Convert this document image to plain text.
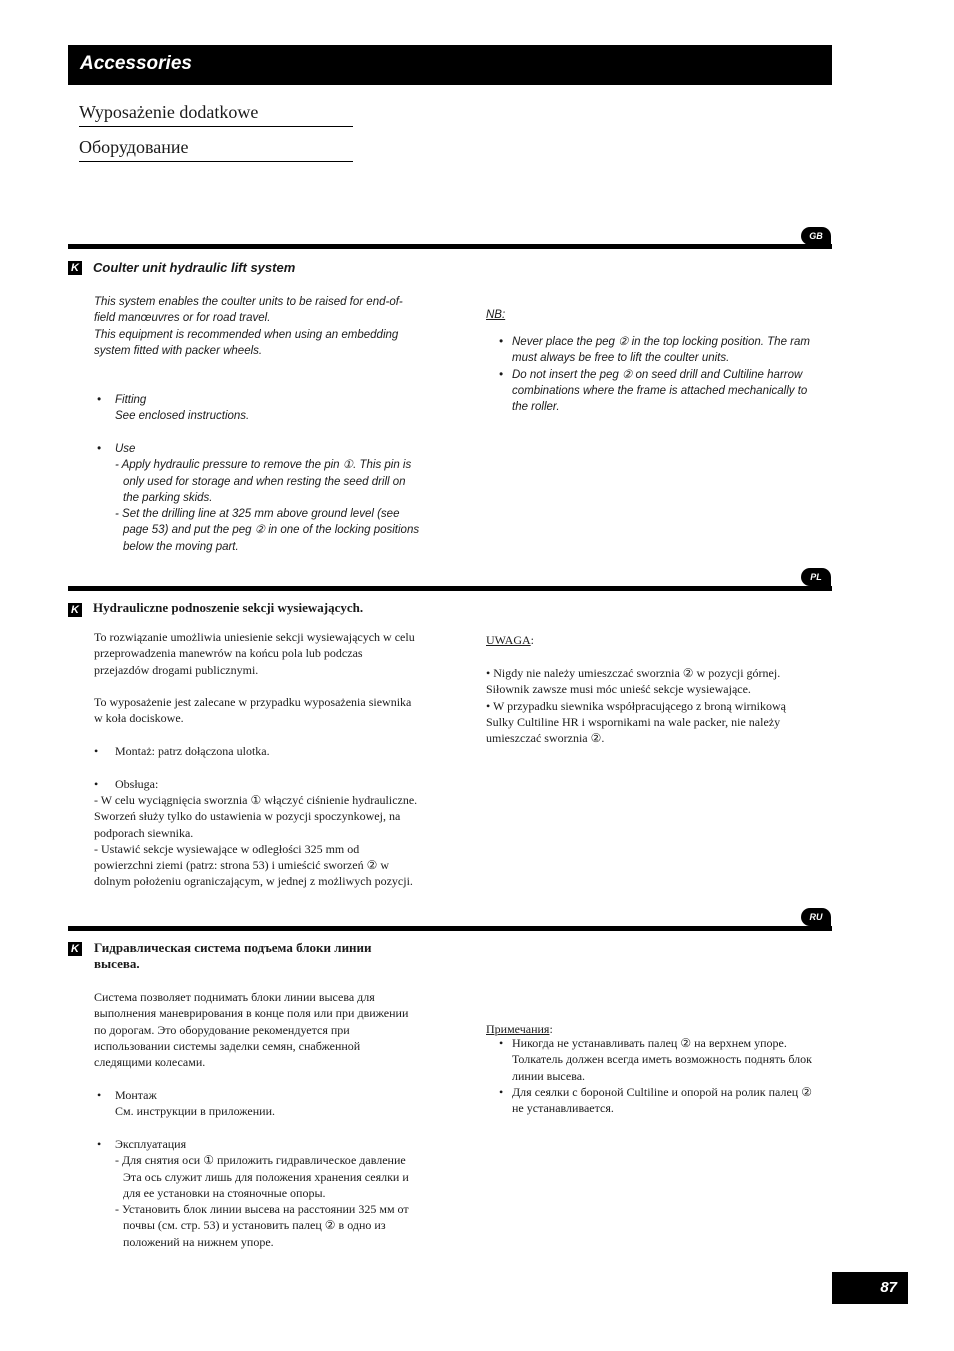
Accessories
Wyposażenie dodatkowe
Оборудование
GB
K Coulter unit hydraulic lift system

This system enables the coulter units to be raised for end-of-field manœuvres or for road travel.

This equipment is recommended when using an embedding system fitted with packer wheels.

• Fitting
See enclosed instructions.
• Use
- Apply hydraulic pressure to remove the pin ①. This pin is only used for storage and when resting the seed drill on the parking skids.
- Set the drilling line at 325 mm above ground level (see page 53) and put the peg ② in one of the locking positions below the moving part.
NB:
• Never place the peg ② in the top locking position. The ram must always be free to lift the coulter units.
• Do not insert the peg ② on seed drill and Cultiline harrow combinations where the frame is attached mechanically to the roller.
PL
K Hydrauliczne podnoszenie sekcji wysiewających.

To rozwiązanie umożliwia uniesienie sekcji wysiewających w celu przeprowadzenia manewrów na końcu pola lub podczas przejazdów drogami publicznymi.

To wyposażenie jest zalecane w przypadku wyposażenia siewnika w koła dociskowe.

• Montaż: patrz dołączona ulotka.
• Obsługa:

- W celu wyciągnięcia sworznia ① włączyć ciśnienie hydrauliczne. Sworzeń służy tylko do ustawienia w pozycji spoczynkowej, na podporach siewnika.

- Ustawić sekcje wysiewające w odległości 325 mm od powierzchni ziemi (patrz: strona 53) i umieścić sworzeń ② w dolnym położeniu ograniczającym, w jednej z możliwych pozycji.

UWAGA:

• Nigdy nie należy umieszczać sworznia ② w pozycji górnej. Siłownik zawsze musi móc unieść sekcje wysiewające.

• W przypadku siewnika współpracującego z broną wirnikową Sulky Cultiline HR i wspornikami na wale packer, nie należy umieszczać sworznia ②.

RU
K Гидравлическая система подъема блоки линии высева.
Система позволяет поднимать блоки линии высева для выполнения маневрирования в конце поля или при движении по дорогам. Это оборудование рекомендуется при использовании системы заделки семян, снабженной следящими колесами.
• Монтаж
См. инструкции в приложении.
• Эксплуатация
- Для снятия оси ① приложить гидравлическое давление
Эта ось служит лишь для положения хранения сеялки и для ее установки на стояночные опоры.
- Установить блок линии высева на расстоянии 325 мм от почвы (см. стр. 53) и установить палец ② в одно из положений на нижнем упоре.
Примечания:
• Никогда не устанавливать палец ② на верхнем упоре. Толкатель должен всегда иметь возможность поднять блок линии высева.
• Для сеялки с бороной Cultiline и опорой на ролик палец ② не устанавливается.
87
